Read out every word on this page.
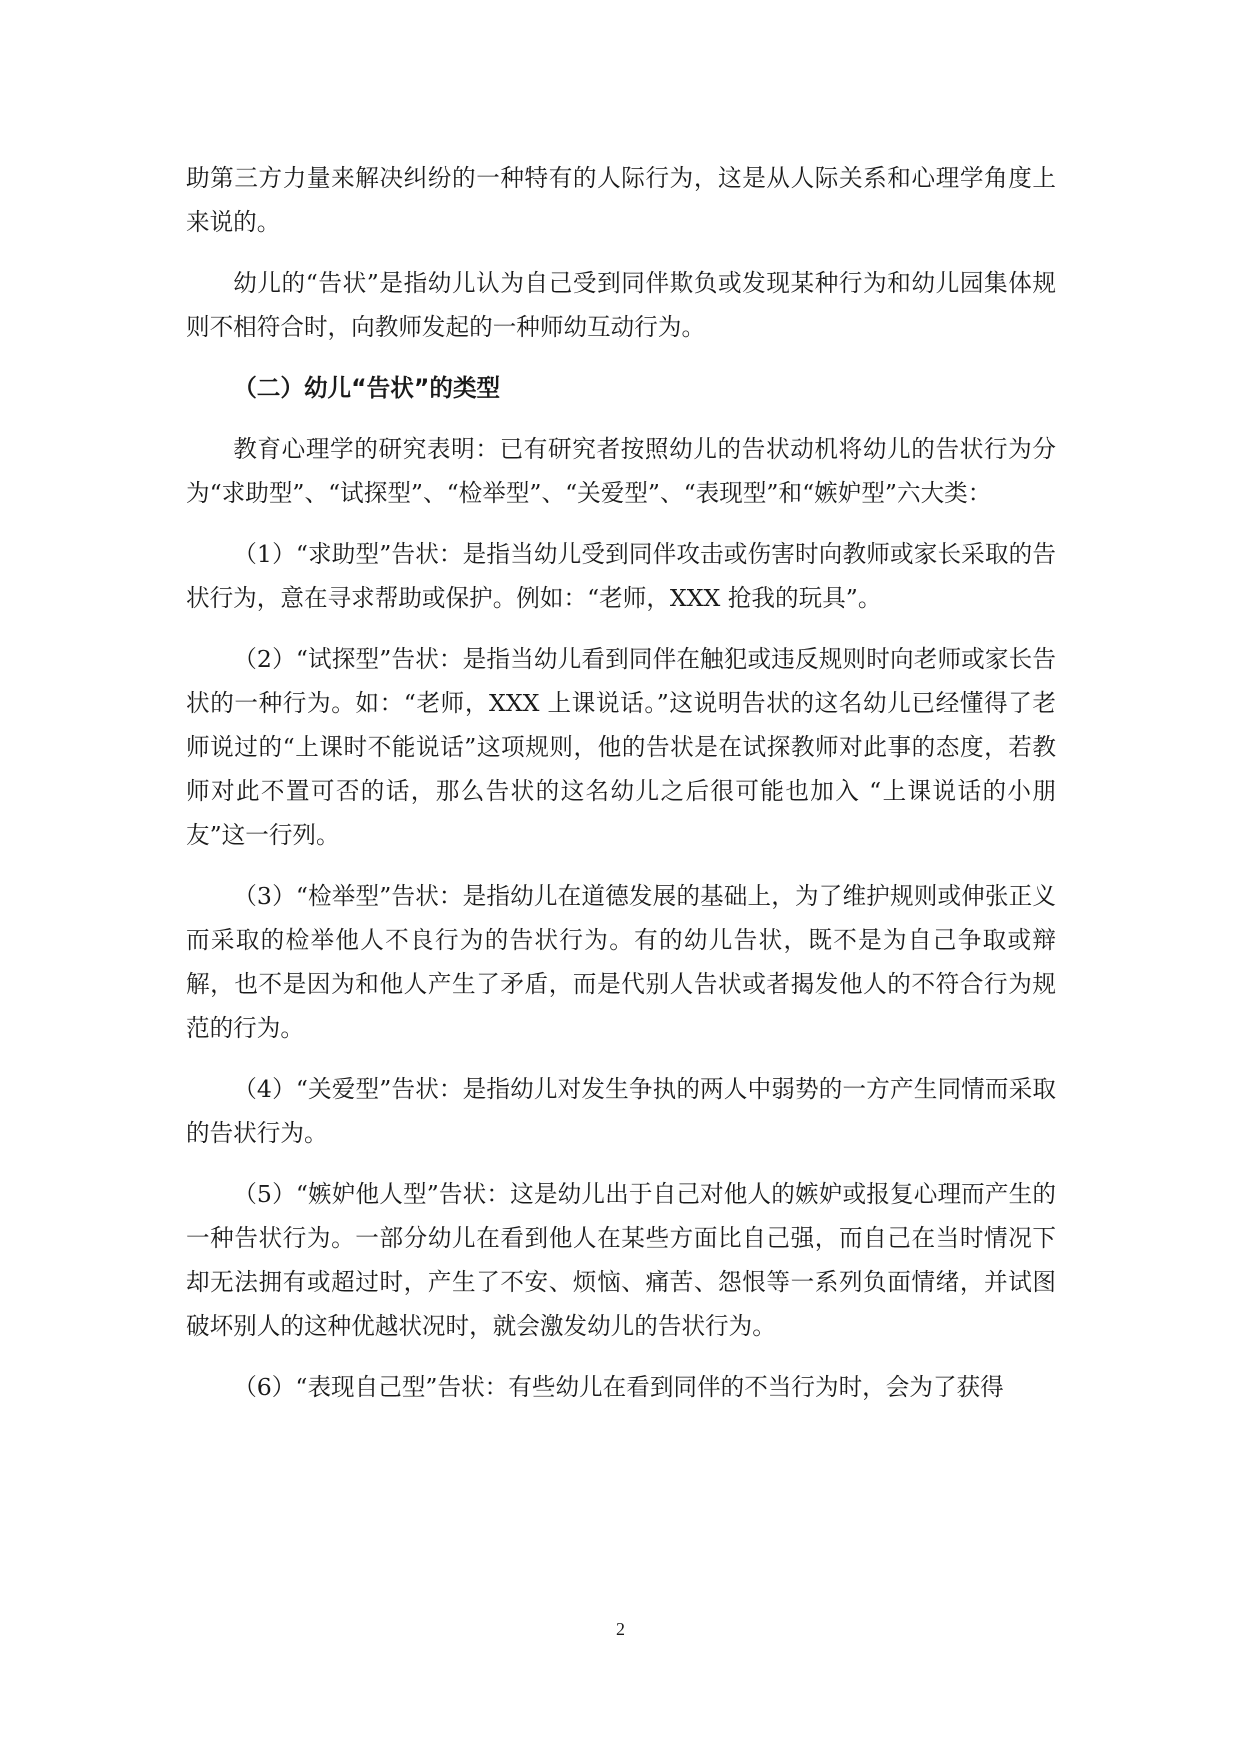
助第三方力量来解决纠纷的一种特有的人际行为，这是从人际关系和心理学角度上来说的。

幼儿的“告状”是指幼儿认为自己受到同伴欺负或发现某种行为和幼儿园集体规则不相符合时，向教师发起的一种师幼互动行为。

（二）幼儿“告状”的类型

教育心理学的研究表明：已有研究者按照幼儿的告状动机将幼儿的告状行为分为“求助型”、“试探型”、“检举型”、“关爱型”、“表现型”和“嫉妒型”六大类：

（1）“求助型”告状：是指当幼儿受到同伴攻击或伤害时向教师或家长采取的告状行为，意在寻求帮助或保护。例如：“老师，XXX 抢我的玩具”。

（2）“试探型”告状：是指当幼儿看到同伴在触犯或违反规则时向老师或家长告状的一种行为。如：“老师，XXX 上课说话。”这说明告状的这名幼儿已经懂得了老师说过的“上课时不能说话”这项规则，他的告状是在试探教师对此事的态度，若教师对此不置可否的话，那么告状的这名幼儿之后很可能也加入 “上课说话的小朋友”这一行列。

（3）“检举型”告状：是指幼儿在道德发展的基础上，为了维护规则或伸张正义而采取的检举他人不良行为的告状行为。有的幼儿告状，既不是为自己争取或辩解，也不是因为和他人产生了矛盾，而是代别人告状或者揭发他人的不符合行为规范的行为。

（4）“关爱型”告状：是指幼儿对发生争执的两人中弱势的一方产生同情而采取的告状行为。

（5）“嫉妒他人型”告状：这是幼儿出于自己对他人的嫉妒或报复心理而产生的一种告状行为。一部分幼儿在看到他人在某些方面比自己强，而自己在当时情况下却无法拥有或超过时，产生了不安、烦恼、痛苦、怨恨等一系列负面情绪，并试图破坏别人的这种优越状况时，就会激发幼儿的告状行为。

（6）“表现自己型”告状：有些幼儿在看到同伴的不当行为时，会为了获得

2
